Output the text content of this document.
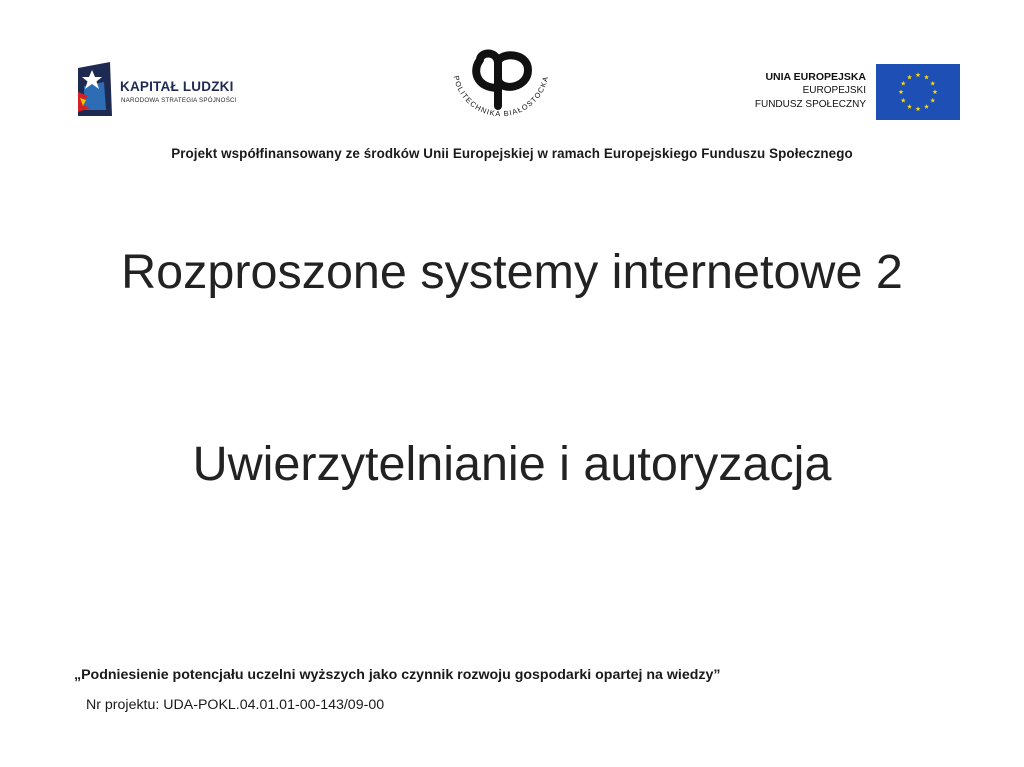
KAPITAŁ LUDZKI
NARODOWA STRATEGIA SPÓJNOŚCI
POLITECHNIKA BIAŁOSTOCKA	UNIA EUROPEJSKA
EUROPEJSKI
FUNDUSZ SPOŁECZNY
Projekt współfinansowany ze środków Unii Europejskiej w ramach Europejskiego Funduszu Społecznego
Rozproszone systemy internetowe 2
Uwierzytelnianie i autoryzacja
„Podniesienie potencjału uczelni wyższych jako czynnik rozwoju gospodarki opartej na wiedzy”
Nr projektu: UDA-POKL.04.01.01-00-143/09-00
